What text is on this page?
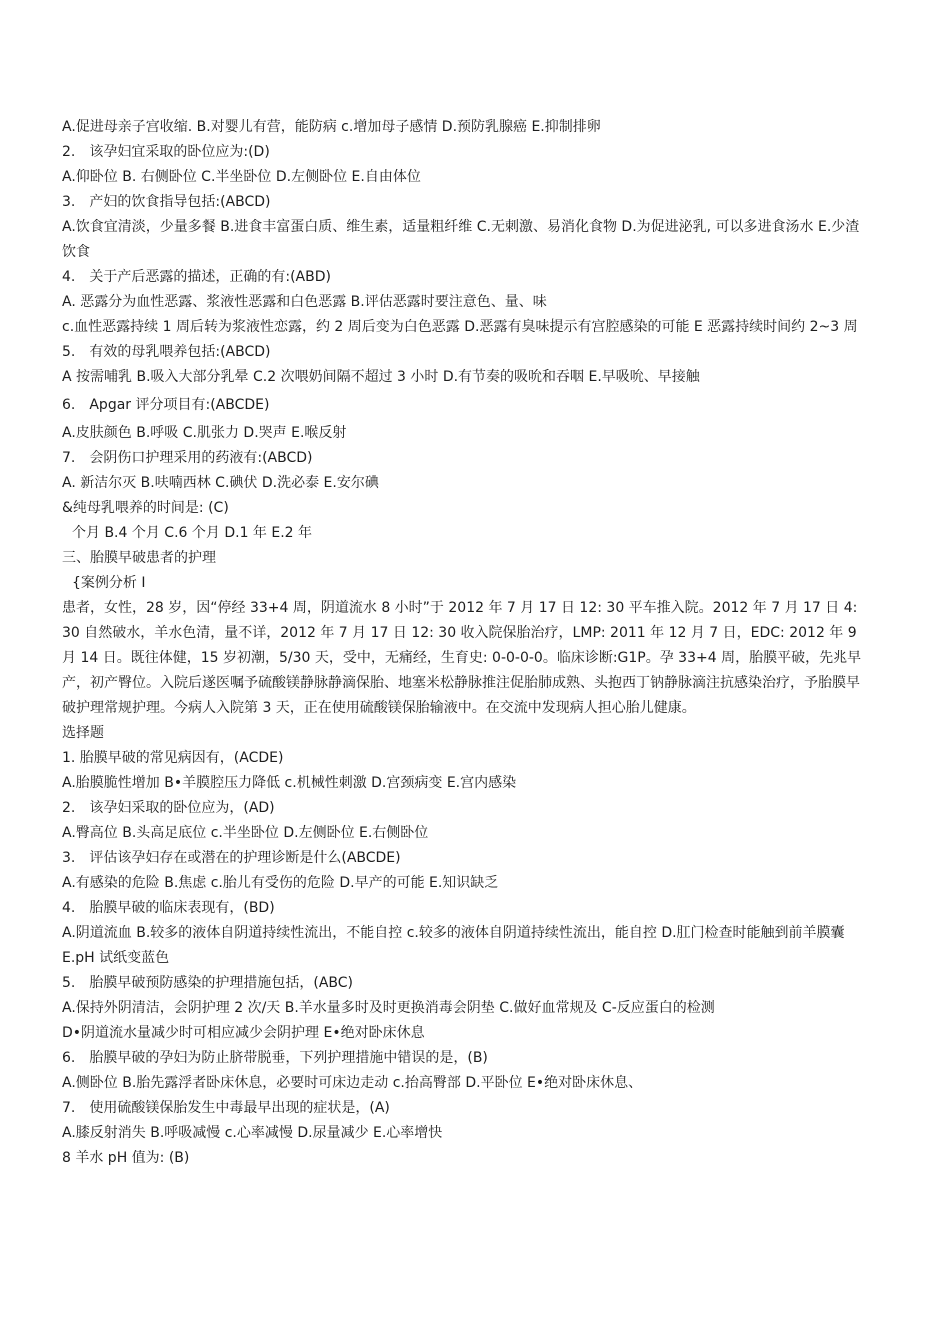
A.促进母亲子宫收缩. B.对婴儿有营，能防病 c.增加母子感情 D.预防乳腺癌 E.抑制排卵
2.　该孕妇宜采取的卧位应为:(D)
A.仰卧位 B. 右侧卧位 C.半坐卧位 D.左侧卧位 E.自由体位
3.　产妇的饮食指导包括:(ABCD)
A.饮食宜清淡，少量多餐 B.进食丰富蛋白质、维生素，适量粗纤维 C.无刺激、易消化食物 D.为促进泌乳, 可以多进食汤水 E.少渣饮食
4.　关于产后恶露的描述，正确的有:(ABD)
A. 恶露分为血性恶露、浆液性恶露和白色恶露 B.评估恶露时要注意色、量、味
c.血性恶露持续 1 周后转为浆液性恋露，约 2 周后变为白色恶露 D.恶露有臭味提示有宫腔感染的可能 E 恶露持续时间约 2~3 周
5.　有效的母乳喂养包括:(ABCD)
A 按需哺乳 B.吸入大部分乳晕 C.2 次喂奶间隔不超过 3 小时 D.有节奏的吸吮和吞咽 E.早吸吮、早接触
6.　Apgar 评分项目有:(ABCDE)
A.皮肤颜色 B.呼吸 C.肌张力 D.哭声 E.喉反射
7.　会阴伤口护理采用的药液有:(ABCD)
A. 新洁尔灭 B.呋喃西林 C.碘伏 D.洗必泰 E.安尔碘
&纯母乳喂养的时间是: (C)
个月 B.4 个月 C.6 个月 D.1 年 E.2 年
三、胎膜早破患者的护理
{案例分析 I
患者，女性，28 岁，因“停经 33+4 周，阴道流水 8 小时”于 2012 年 7 月 17 日 12: 30 平车推入院。2012 年 7 月 17 日 4: 30 自然破水，羊水色清，量不详，2012 年 7 月 17 日 12: 30 收入院保胎治疗，LMP: 2011 年 12 月 7 日，EDC: 2012 年 9 月 14 日。既往体健，15 岁初潮，5/30 天，受中，无痛经，生育史: 0-0-0-0。临床诊断:G1P。孕 33+4 周，胎膜平破，先兆早产，初产臀位。入院后遂医嘱予硫酸镁静脉静滴保胎、地塞米松静脉推注促胎肺成熟、头抱西丁钠静脉滴注抗感染治疗，予胎膜早破护理常规护理。今病人入院第 3 天，正在使用硫酸镁保胎输液中。在交流中发现病人担心胎儿健康。
选择题
1. 胎膜早破的常见病因有，(ACDE)
A.胎膜脆性增加 B•羊膜腔压力降低 c.机械性刺激 D.宫颈病变 E.宫内感染
2.　该孕妇采取的卧位应为，(AD)
A.臀高位 B.头高足底位 c.半坐卧位 D.左侧卧位 E.右侧卧位
3.　评估该孕妇存在或潜在的护理诊断是什么(ABCDE)
A.有感染的危险 B.焦虑 c.胎儿有受伤的危险 D.早产的可能 E.知识缺乏
4.　胎膜早破的临床表现有，(BD)
A.阴道流血 B.较多的液体自阴道持续性流出，不能自控 c.较多的液体自阴道持续性流出，能自控 D.肛门检查时能触到前羊膜囊 E.pH 试纸变蓝色
5.　胎膜早破预防感染的护理措施包括，(ABC)
A.保持外阴清洁，会阴护理 2 次/天 B.羊水量多时及时更换消毒会阴垫 C.做好血常规及 C-反应蛋白的检测
D•阴道流水量减少时可相应减少会阴护理 E•绝对卧床休息
6.　胎膜早破的孕妇为防止脐带脱垂，下列护理措施中错误的是，(B)
A.侧卧位 B.胎先露浮者卧床休息，必要时可床边走动 c.抬高臀部 D.平卧位 E•绝对卧床休息、
7.　使用硫酸镁保胎发生中毒最早出现的症状是，(A)
A.膝反射消失 B.呼吸减慢 c.心率减慢 D.尿量减少 E.心率增快
8 羊水 pH 值为: (B)
